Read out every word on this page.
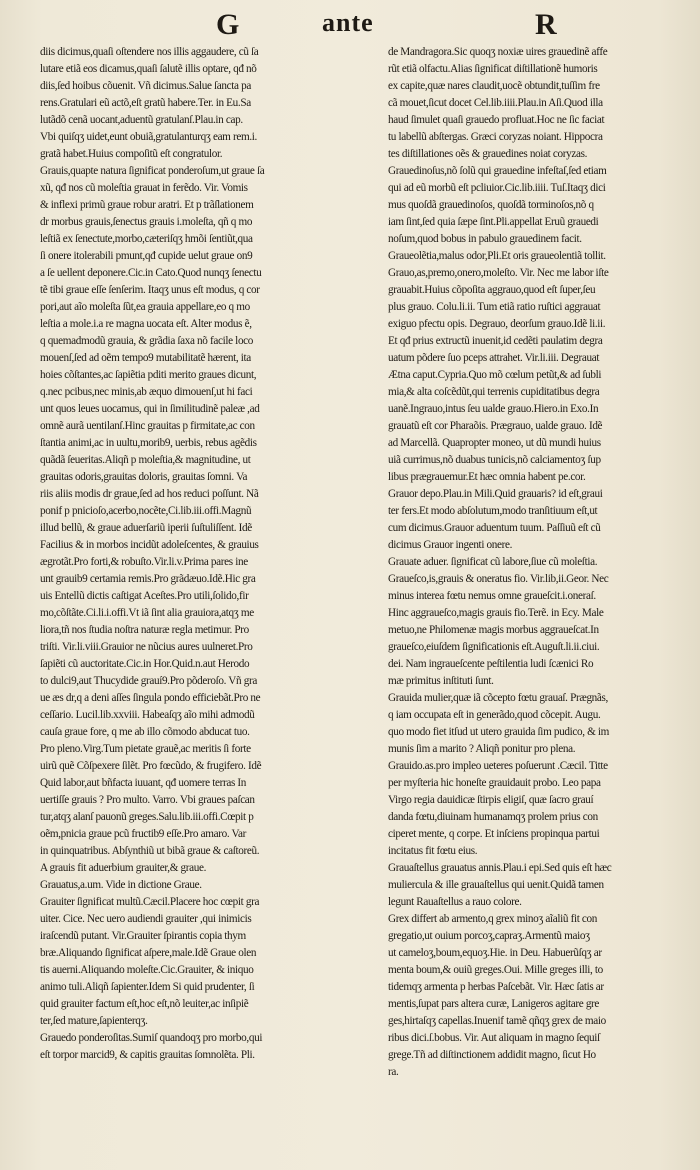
G	ante	R
diis dicimus,quaſi oſtendere nos illis aggaudere, cũ ſa
lutare etiã eos dicamus,quaſi ſalutẽ illis optare, qđ nõ
diis,ſed hoibus cõuenit. Vñ dicimus.Salue ſancta pa
rens.Gratulari eũ actõ,eſt gratũ habere.Ter. in Eu.Sa
lutãdõ cenã uocant,aduentũ gratulanſ.Plau.in cap.
Vbi quiſqʒ uidet,eunt obuiã,gratulanturqʒ eam rem.i.
gratã habet.Huius compoſitũ eſt congratulor.
Grauis,quapte natura ſignificat ponderoſum,ut graue ſa
xũ, qđ nos cũ moleſtia grauat in ferẽdo. Vir. Vomis
& inflexi primũ graue robur aratri. Et p trãſlationem
dr morbus grauis,ſenectus grauis i.moleſta, qñ q mo
leſtiã ex ſenectute,morbo,cæteriſqʒ hmõi ſentiũt,qua
ſi onere itolerabili pmunt,qđ cupide uelut graue on9
a ſe uellent deponere.Cic.in Cato.Quod nunqʒ ſenectu
tẽ tibi graue eſſe ſenſerim. Itaqʒ unus eſt modus, q cor
pori,aut aĩo moleſta ſũt,ea grauia appellare,eo q mo
leſtia a mole.i.a re magna uocata eſt. Alter modus ẽ,
q quemadmodũ grauia, & grãdia ſaxa nõ facile loco
mouenſ,ſed ad oẽm tempo9 mutabilitatẽ hærent, ita
hoies cõſtantes,ac ſapiẽtia pditi merito graues dicunt,
q.nec pcibus,nec minis,ab æquo dimouenſ,ut hi faci
unt quos leues uocamus, qui in ſimilitudinẽ paleæ ,ad
omnẽ aurã uentilanſ.Hinc grauitas p firmitate,ac con
ſtantia animi,ac in uultu,morib9, uerbis, rebus agẽdis
quãdã ſeueritas.Aliqñ p moleſtia,& magnitudine, ut
grauitas odoris,grauitas doloris, grauitas ſomni. Va
riis aliis modis dr graue,ſed ad hos reduci poſſunt. Nã
ponif p pnicioſo,acerbo,nocẽte,Ci.lib.iii.offi.Magnũ
illud bellũ, & graue aduerſariũ iperii ſuſtuliſſent. Idẽ
Facilius & in morbos incidũt adoleſcentes, & grauius
ægrotãt.Pro forti,& robuſto.Vir.li.v.Prima pares ine
unt grauib9 certamia remis.Pro grãdæuo.Idẽ.Hic gra
uis Entellũ dictis caſtigat Aceſtes.Pro utili,ſolido,fir
mo,cõſtãte.Ci.li.i.offi.Vt iã ſint alia grauiora,atqʒ me
liora,tñ nos ſtudia noſtra naturæ regla metimur. Pro
triſti. Vir.li.viii.Grauior ne nũcius aures uulneret.Pro
ſapiẽti cũ auctoritate.Cic.in Hor.Quid.n.aut Herodo
to dulci9,aut Thucydide grauí9.Pro põderoſo. Vñ gra
ue æs dr,q a deni aſſes ſingula pondo efficiebãt.Pro ne
ceſſario. Lucil.lib.xxviii. Habeaſqʒ aĩo mihi admodũ
cauſa graue fore, q me ab illo cõmodo abducat tuo.
Pro pleno.Virg.Tum pietate grauẽ,ac meritis ſi forte
uirũ quẽ Cõſpexere ſilẽt. Pro fœcũdo, & frugifero. Idẽ
Quid labor,aut bñfacta iuuant, qđ uomere terras In
uertiſſe grauis ? Pro multo. Varro. Vbi graues paſcan
tur,atqʒ alanſ pauonũ greges.Salu.lib.iii.offi.Cœpit p
oẽm,pnicia graue pcũ fructib9 eſſe.Pro amaro. Var
in quinquatribus. Abſynthiũ ut bibã graue & caſtoreũ.
A grauis fit aduerbium grauiter,& graue.
Grauatus,a.um. Vide in dictione Graue.
Grauiter ſignificat multũ.Cæcil.Placere hoc cœpit gra
uiter. Cice. Nec uero audiendi grauiter ,qui inimicis
iraſcendũ putant. Vir.Grauiter ſpirantis copia thym
bræ.Aliquando ſignificat aſpere,male.Idẽ Graue olen
tis auerni.Aliquando moleſte.Cic.Grauiter, & iniquo
animo tuli.Aliqñ ſapienter.Idem Si quid prudenter, ſi
quid grauiter factum eſt,hoc eſt,nõ leuiter,ac inſipiẽ
ter,ſed mature,ſapienterqʒ.
Grauedo ponderoſitas.Sumiſ quandoqʒ pro morbo,qui
eſt torpor marcid9, & capitis grauitas ſomnolẽta. Pli.
de Mandragora.Sic quoqʒ noxiæ uires grauedinẽ affe
rũt etiã olfactu.Alias ſignificat diſtillationẽ humoris
ex capite,quæ nares claudit,uocẽ obtundit,tuſſim fre
cã mouet,ſicut docet Cel.lib.iiii.Plau.in Aſi.Quod illa
haud ſimulet quaſi grauedo profluat.Hoc ne ſic faciat
tu labellũ abſtergas. Græci coryzas noiant. Hippocra
tes diſtillationes oẽs & grauedines noiat coryzas.
Grauedinoſus,nõ ſolũ qui grauedine infeſtaſ,ſed etiam
qui ad eũ morbũ eſt pcliuior.Cic.lib.iiii. Tuſ.Itaqʒ dici
mus quoſdã grauedinoſos, quoſdã torminoſos,nõ q
iam ſint,ſed quia ſæpe ſint.Pli.appellat Eruũ grauedi
noſum,quod bobus in pabulo grauedinem facit.
Graueolẽtia,malus odor,Pli.Et oris graueolentiã tollit.
Grauo,as,premo,onero,moleſto. Vir. Nec me labor iſte
grauabit.Huius cõpoſita aggrauo,quod eſt ſuper,ſeu
plus grauo. Colu.li.ii. Tum etiã ratio ruſtici aggrauat
exiguo pfectu opis. Degrauo, deorſum grauo.Idẽ li.ii.
Et qđ prius extructũ inuenit,id cedẽti paulatim degra
uatum põdere ſuo pceps attrahet. Vir.li.iii. Degrauat
Ætna caput.Cypria.Quo mõ cœlum petũt,& ad ſubli
mia,& alta coſcẽdũt,qui terrenis cupiditatibus degra
uanẽ.Ingrauo,intus ſeu ualde grauo.Hiero.in Exo.In
grauatũ eſt cor Pharaõis. Prægrauo, ualde grauo. Idẽ
ad Marcellã. Quapropter moneo, ut dũ mundi huius
uiã currimus,nõ duabus tunicis,nõ calciamentoʒ ſup
libus prægrauemur.Et hæc omnia habent pe.cor.
Grauor depo.Plau.in Mili.Quid grauaris? id eſt,graui
ter fers.Et modo abſolutum,modo tranſitiuum eſt,ut
cum dicimus.Grauor aduentum tuum. Paſſiuũ eſt cũ
dicimus Grauor ingenti onere.
Grauate aduer. ſignificat cũ labore,ſiue cũ moleſtia.
Graueſco,is,grauis & oneratus fio. Vir.lib,ii.Geor. Nec
minus interea fœtu nemus omne graueſcit.i.oneraſ.
Hinc aggraueſco,magis grauis fio.Terẽ. in Ecy. Male
metuo,ne Philomenæ magis morbus aggraueſcat.In
graueſco,eiuſdem ſignificationis eſt.Auguſt.li.ii.ciui.
dei. Nam ingraueſcente peſtilentia ludi ſcænici Ro
mæ primitus inſtituti ſunt.
Grauida mulier,quæ iã cõcepto fœtu grauaſ. Prægnãs,
q iam occupata eſt in generãdo,quod cõcepit. Augu.
quo modo fiet itſud ut utero grauida ſim pudico, & im
munis ſim a marito ? Aliqñ ponitur pro plena.
Grauido.as.pro impleo ueteres poſuerunt .Cæcil. Titte
per myſteria hic honeſte grauidauit probo. Leo papa
Virgo regia dauidicæ ſtirpis eligiſ, quæ ſacro grauí
danda fœtu,diuinam humanamqʒ prolem prius con
ciperet mente, q corpe. Et inſciens propinqua partui
incitatus fit fœtu eius.
Grauaſtellus grauatus annis.Plau.i epi.Sed quis eſt hæc
muliercula & ille grauaſtellus qui uenit.Quidã tamen
legunt Rauaſtellus a rauo colore.
Grex differt ab armento,q grex minoʒ aĩaliũ fit con
gregatio,ut ouium porcoʒ,capraʒ.Armentũ maioʒ
ut cameloʒ,boum,equoʒ.Hie. in Deu. Habuerũſqʒ ar
menta boum,& ouiũ greges.Oui. Mille greges illi, to
tidemqʒ armenta p herbas Paſcebãt. Vir. Hæc ſatis ar
mentis,ſupat pars altera curæ, Lanigeros agitare gre
ges,hirtaſqʒ capellas.Inuenif tamẽ qñqʒ grex de maio
ribus dici.ſ.bobus. Vir. Aut aliquam in magno ſequiſ
grege.Tñ ad diſtinctionem addidit magno, ſicut Ho
ra.
